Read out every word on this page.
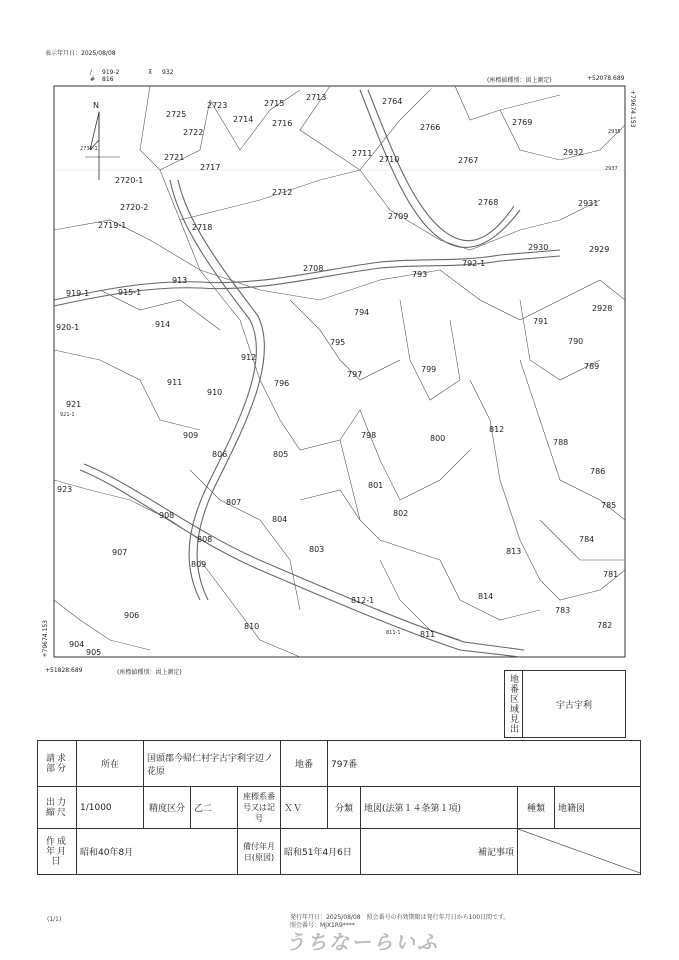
表示年月日：2025/08/08
/ 919-2
# 816
⊼ 932
(座標値種別：図上測定)	+52078.689
+79674.153
+79674.153
+51828.689	(座標値種別：図上測定)
N
2725
2723
2722
2721
2714
2715
2716
2713	2764
2766
2769
2935
2711
2710	2767
2932
2937
2717
2712
2720-1
2709
2768	2931
2720-2
2719-1	2718
2930	2929
913
915-1
919-1
2708
793
792-1
914
794
791
790
2928
920-1
912
795
797
799	789
911	796
910
921
921-1
909
806	805
798	800
812
788
786
923	801
802
785
807
804
908
784
808
907
809
803	813
781
812-1	814
783
906
810
811
811-1
782
904
905
2730-1
地番区域見出	宇古宇利
請求部分	所在	国頭郡今帰仁村字古宇利字辺ノ花原			地番	797番			
出力縮尺	1/1000	精度区分	乙二	座標系番号又は記号	ＸＶ	分類	地図(法第１４条第１項)	種類	地籍図
作成年月日	昭和40年8月			備付年月日(原図)	昭和51年4月6日		補記事項	
(1/1)	発行年月日：2025/08/08　照会番号の有効期限は発行年月日から100日間です。
照会番号：MJX1R9****
うちなーらいふ
